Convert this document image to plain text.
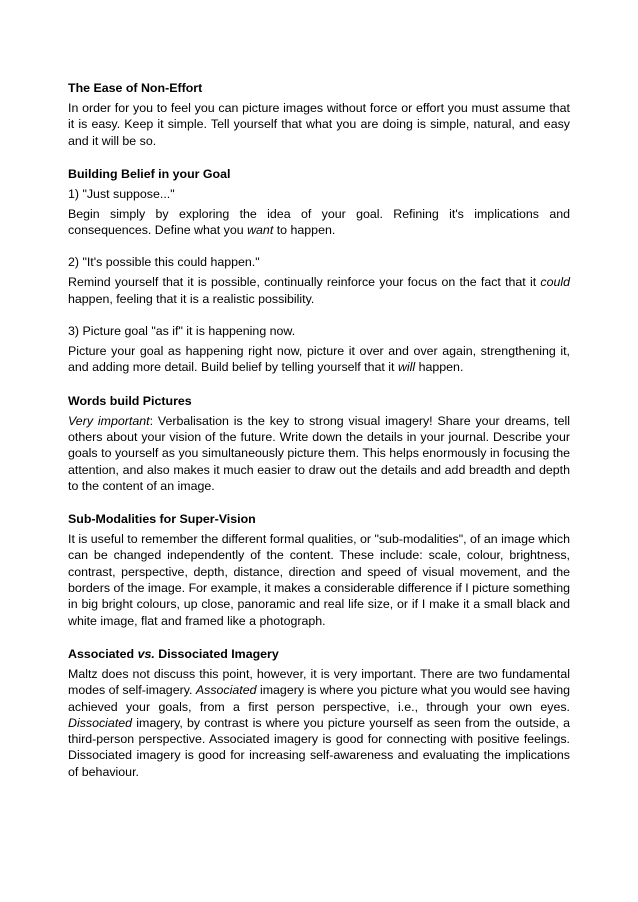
The Ease of Non-Effort

In order for you to feel you can picture images without force or effort you must assume that it is easy. Keep it simple. Tell yourself that what you are doing is simple, natural, and easy and it will be so.

Building Belief in your Goal
1) "Just suppose..."

Begin simply by exploring the idea of your goal. Refining it's implications and consequences. Define what you want to happen.

2) "It's possible this could happen."

Remind yourself that it is possible, continually reinforce your focus on the fact that it could happen, feeling that it is a realistic possibility.

3) Picture goal "as if" it is happening now.

Picture your goal as happening right now, picture it over and over again, strengthening it, and adding more detail. Build belief by telling yourself that it will happen.

Words build Pictures

Very important: Verbalisation is the key to strong visual imagery! Share your dreams, tell others about your vision of the future. Write down the details in your journal. Describe your goals to yourself as you simultaneously picture them. This helps enormously in focusing the attention, and also makes it much easier to draw out the details and add breadth and depth to the content of an image.

Sub-Modalities for Super-Vision

It is useful to remember the different formal qualities, or "sub-modalities", of an image which can be changed independently of the content. These include: scale, colour, brightness, contrast, perspective, depth, distance, direction and speed of visual movement, and the borders of the image. For example, it makes a considerable difference if I picture something in big bright colours, up close, panoramic and real life size, or if I make it a small black and white image, flat and framed like a photograph.

Associated vs. Dissociated Imagery

Maltz does not discuss this point, however, it is very important. There are two fundamental modes of self-imagery. Associated imagery is where you picture what you would see having achieved your goals, from a first person perspective, i.e., through your own eyes. Dissociated imagery, by contrast is where you picture yourself as seen from the outside, a third-person perspective. Associated imagery is good for connecting with positive feelings. Dissociated imagery is good for increasing self-awareness and evaluating the implications of behaviour.
